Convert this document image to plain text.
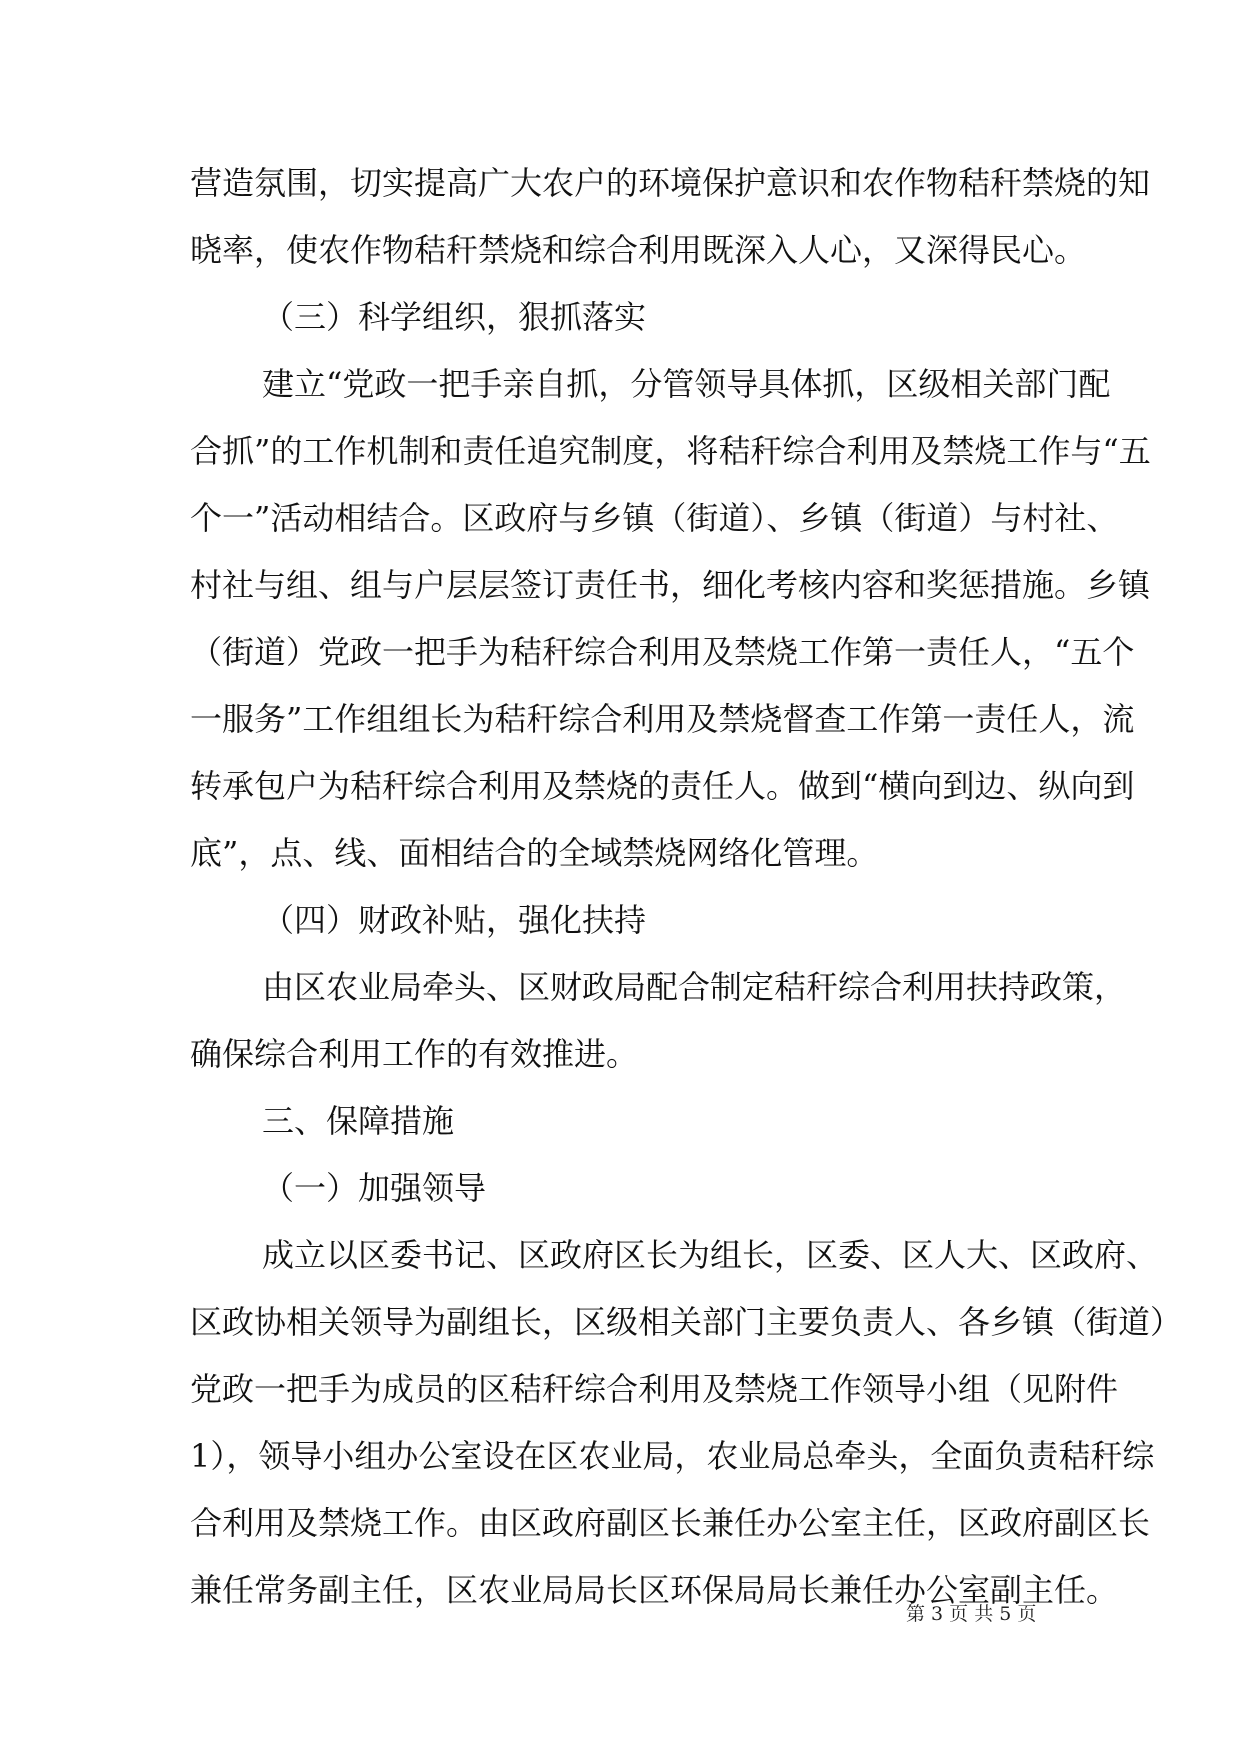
营造氛围，切实提高广大农户的环境保护意识和农作物秸秆禁烧的知
晓率，使农作物秸秆禁烧和综合利用既深入人心，又深得民心。
（三）科学组织，狠抓落实
建立“党政一把手亲自抓，分管领导具体抓，区级相关部门配
合抓”的工作机制和责任追究制度，将秸秆综合利用及禁烧工作与“五
个一”活动相结合。区政府与乡镇（街道）、乡镇（街道）与村社、
村社与组、组与户层层签订责任书，细化考核内容和奖惩措施。乡镇
（街道）党政一把手为秸秆综合利用及禁烧工作第一责任人，“五个
一服务”工作组组长为秸秆综合利用及禁烧督查工作第一责任人，流
转承包户为秸秆综合利用及禁烧的责任人。做到“横向到边、纵向到
底”，点、线、面相结合的全域禁烧网络化管理。
（四）财政补贴，强化扶持
由区农业局牵头、区财政局配合制定秸秆综合利用扶持政策，
确保综合利用工作的有效推进。
三、保障措施
（一）加强领导
成立以区委书记、区政府区长为组长，区委、区人大、区政府、
区政协相关领导为副组长，区级相关部门主要负责人、各乡镇（街道）
党政一把手为成员的区秸秆综合利用及禁烧工作领导小组（见附件
1），领导小组办公室设在区农业局，农业局总牵头，全面负责秸秆综
合利用及禁烧工作。由区政府副区长兼任办公室主任，区政府副区长
兼任常务副主任，区农业局局长区环保局局长兼任办公室副主任。
第 3 页 共 5 页
